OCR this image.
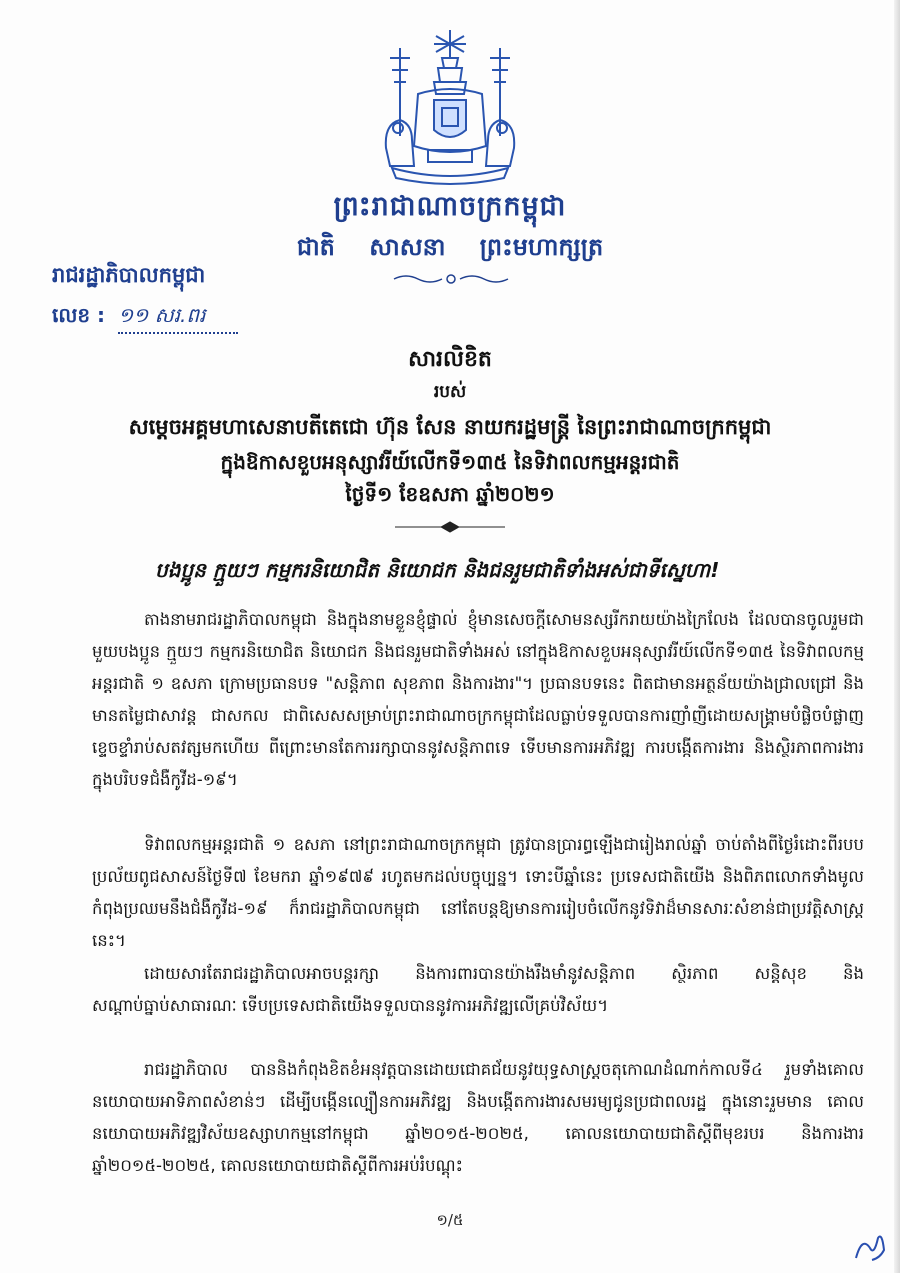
ព្រះរាជាណាចក្រកម្ពុជា
ជាតិ សាសនា ព្រះមហាក្សត្រ
រាជរដ្ឋាភិបាលកម្ពុជា
លេខ : ១១ សរ.ពរ
សារលិខិត
របស់
សម្តេចអគ្គមហាសេនាបតីតេជោ ហ៊ុន សែន នាយករដ្ឋមន្ត្រី នៃព្រះរាជាណាចក្រកម្ពុជា
ក្នុងឱកាសខួបអនុស្សាវរីយ៍លើកទី១៣៥ នៃទិវាពលកម្មអន្តរជាតិ
ថ្ងៃទី១ ខែឧសភា ឆ្នាំ២០២១
បងប្អូន ក្មួយៗ កម្មករនិយោជិត និយោជក និងជនរួមជាតិទាំងអស់ជាទីស្នេហា!
តាងនាមរាជរដ្ឋាភិបាលកម្ពុជា និងក្នុងនាមខ្លួនខ្ញុំផ្ទាល់ ខ្ញុំមានសេចក្តីសោមនស្សរីករាយយ៉ាងក្រៃលែង ដែលបានចូលរួមជាមួយបងប្អូន ក្មួយៗ កម្មករនិយោជិត និយោជក និងជនរួមជាតិទាំងអស់ នៅក្នុងឱកាសខួបអនុស្សាវរីយ៍លើកទី១៣៥ នៃទិវាពលកម្មអន្តរជាតិ ១ ឧសភា ក្រោមប្រធានបទ "សន្តិភាព សុខភាព និងការងារ"។ ប្រធានបទនេះ ពិតជាមានអត្ថន័យយ៉ាងជ្រាលជ្រៅ និងមានតម្លៃជាសាវន្ត ជាសកល ជាពិសេសសម្រាប់ព្រះរាជាណាចក្រកម្ពុជាដែលធ្លាប់ទទួលបានការញាំញីដោយសង្គ្រាមបំផ្លិចបំផ្លាញខ្ទេចខ្ទាំរាប់សតវត្សមកហើយ ពីព្រោះមានតែការរក្សាបាននូវសន្តិភាពទេ ទើបមានការអភិវឌ្ឍ ការបង្កើតការងារ និងស្ថិរភាពការងារក្នុងបរិបទជំងឺកូវីដ-១៩។
ទិវាពលកម្មអន្តរជាតិ ១ ឧសភា នៅព្រះរាជាណាចក្រកម្ពុជា ត្រូវបានប្រារព្ធឡើងជារៀងរាល់ឆ្នាំ ចាប់តាំងពីថ្ងៃរំដោះពីរបបប្រល័យពូជសាសន៍ថ្ងៃទី៧ ខែមករា ឆ្នាំ១៩៧៩ រហូតមកដល់បច្ចុប្បន្ន។ ទោះបីឆ្នាំនេះ ប្រទេសជាតិយើង និងពិភពលោកទាំងមូលកំពុងប្រឈមនឹងជំងឺកូវីដ-១៩ ក៏រាជរដ្ឋាភិបាលកម្ពុជា នៅតែបន្តឱ្យមានការរៀបចំលើកនូវទិវាដ៏មានសារៈសំខាន់ជាប្រវត្តិសាស្ត្រនេះ។
ដោយសារតែរាជរដ្ឋាភិបាលអាចបន្តរក្សា និងការពារបានយ៉ាងរឹងមាំនូវសន្តិភាព ស្ថិរភាព សន្តិសុខ និងសណ្តាប់ធ្នាប់សាធារណៈ ទើបប្រទេសជាតិយើងទទួលបាននូវការអភិវឌ្ឍលើគ្រប់វិស័យ។
រាជរដ្ឋាភិបាល បាននិងកំពុងខិតខំអនុវត្តបានដោយជោគជ័យនូវយុទ្ធសាស្ត្រចតុកោណដំណាក់កាលទី៤ រួមទាំងគោលនយោបាយអាទិភាពសំខាន់ៗ ដើម្បីបង្កើនល្បឿនការអភិវឌ្ឍ និងបង្កើតការងារសមរម្យជូនប្រជាពលរដ្ឋ ក្នុងនោះរួមមាន គោលនយោបាយអភិវឌ្ឍវិស័យឧស្សាហកម្មនៅកម្ពុជា ឆ្នាំ២០១៥-២០២៥, គោលនយោបាយជាតិស្តីពីមុខរបរ និងការងារ ឆ្នាំ២០១៥-២០២៥, គោលនយោបាយជាតិស្តីពីការអប់រំបណ្តុះ
១/៥
